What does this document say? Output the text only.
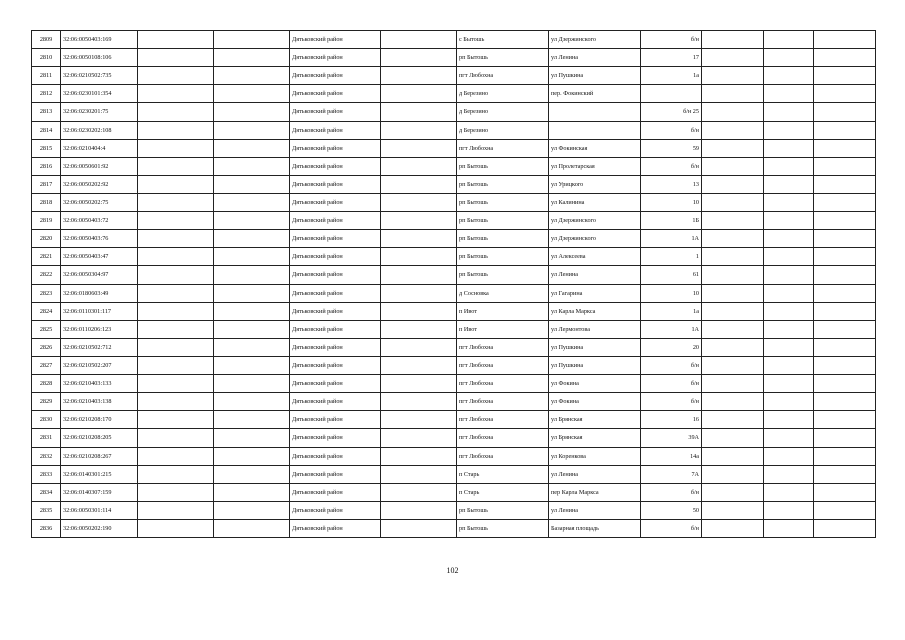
2809	32:06:0050403:169			Дятьковский район		с Бытошь	ул Дзержинского	б/н			
2810	32:06:0050108:106			Дятьковский район		рп Бытошь	ул Ленина	17			
2811	32:06:0210502:735			Дятьковский район		пгт Любохна	ул Пушкина	1а			
2812	32:06:0230101:354			Дятьковский район		д Березино	пер. Фокинский				
2813	32:06:0230201:75			Дятьковский район		д Березино		б/н 25			
2814	32:06:0230202:108			Дятьковский район		д Березино		б/н			
2815	32:06:0210404:4			Дятьковский район		пгт Любохна	ул Фокинская	59			
2816	32:06:0050601:92			Дятьковский район		рп Бытошь	ул Пролетарская	б/н			
2817	32:06:0050202:92			Дятьковский район		рп Бытошь	ул Урицкого	13			
2818	32:06:0050202:75			Дятьковский район		рп Бытошь	ул Калинина	10			
2819	32:06:0050403:72			Дятьковский район		рп Бытошь	ул Дзержинского	1Б			
2820	32:06:0050403:76			Дятьковский район		рп Бытошь	ул Дзержинского	1А			
2821	32:06:0050403:47			Дятьковский район		рп Бытошь	ул Алексеева	1			
2822	32:06:0050304:97			Дятьковский район		рп Бытошь	ул Ленина	61			
2823	32:06:0180603:49			Дятьковский район		д Сосновка	ул Гагарина	10			
2824	32:06:0110301:117			Дятьковский район		п Ивот	ул Карла Маркса	1а			
2825	32:06:0110206:123			Дятьковский район		п Ивот	ул Лермонтова	1А			
2826	32:06:0210502:712			Дятьковский район		пгт Любохна	ул Пушкина	20			
2827	32:06:0210502:207			Дятьковский район		пгт Любохна	ул Пушкина	б/н			
2828	32:06:0210403:133			Дятьковский район		пгт Любохна	ул Фокина	б/н			
2829	32:06:0210403:138			Дятьковский район		пгт Любохна	ул Фокина	б/н			
2830	32:06:0210208:170			Дятьковский район		пгт Любохна	ул Брянская	16			
2831	32:06:0210208:205			Дятьковский район		пгт Любохна	ул Брянская	39А			
2832	32:06:0210208:267			Дятьковский район		пгт Любохна	ул Коренкова	14а			
2833	32:06:0140301:215			Дятьковский район		п Старь	ул Ленина	7А			
2834	32:06:0140307:159			Дятьковский район		п Старь	пер Карла Маркса	б/н			
2835	32:06:0050301:114			Дятьковский район		рп Бытошь	ул Ленина	50			
2836	32:06:0050202:190			Дятьковский район		рп Бытошь	Базарная площадь	б/н			
102
